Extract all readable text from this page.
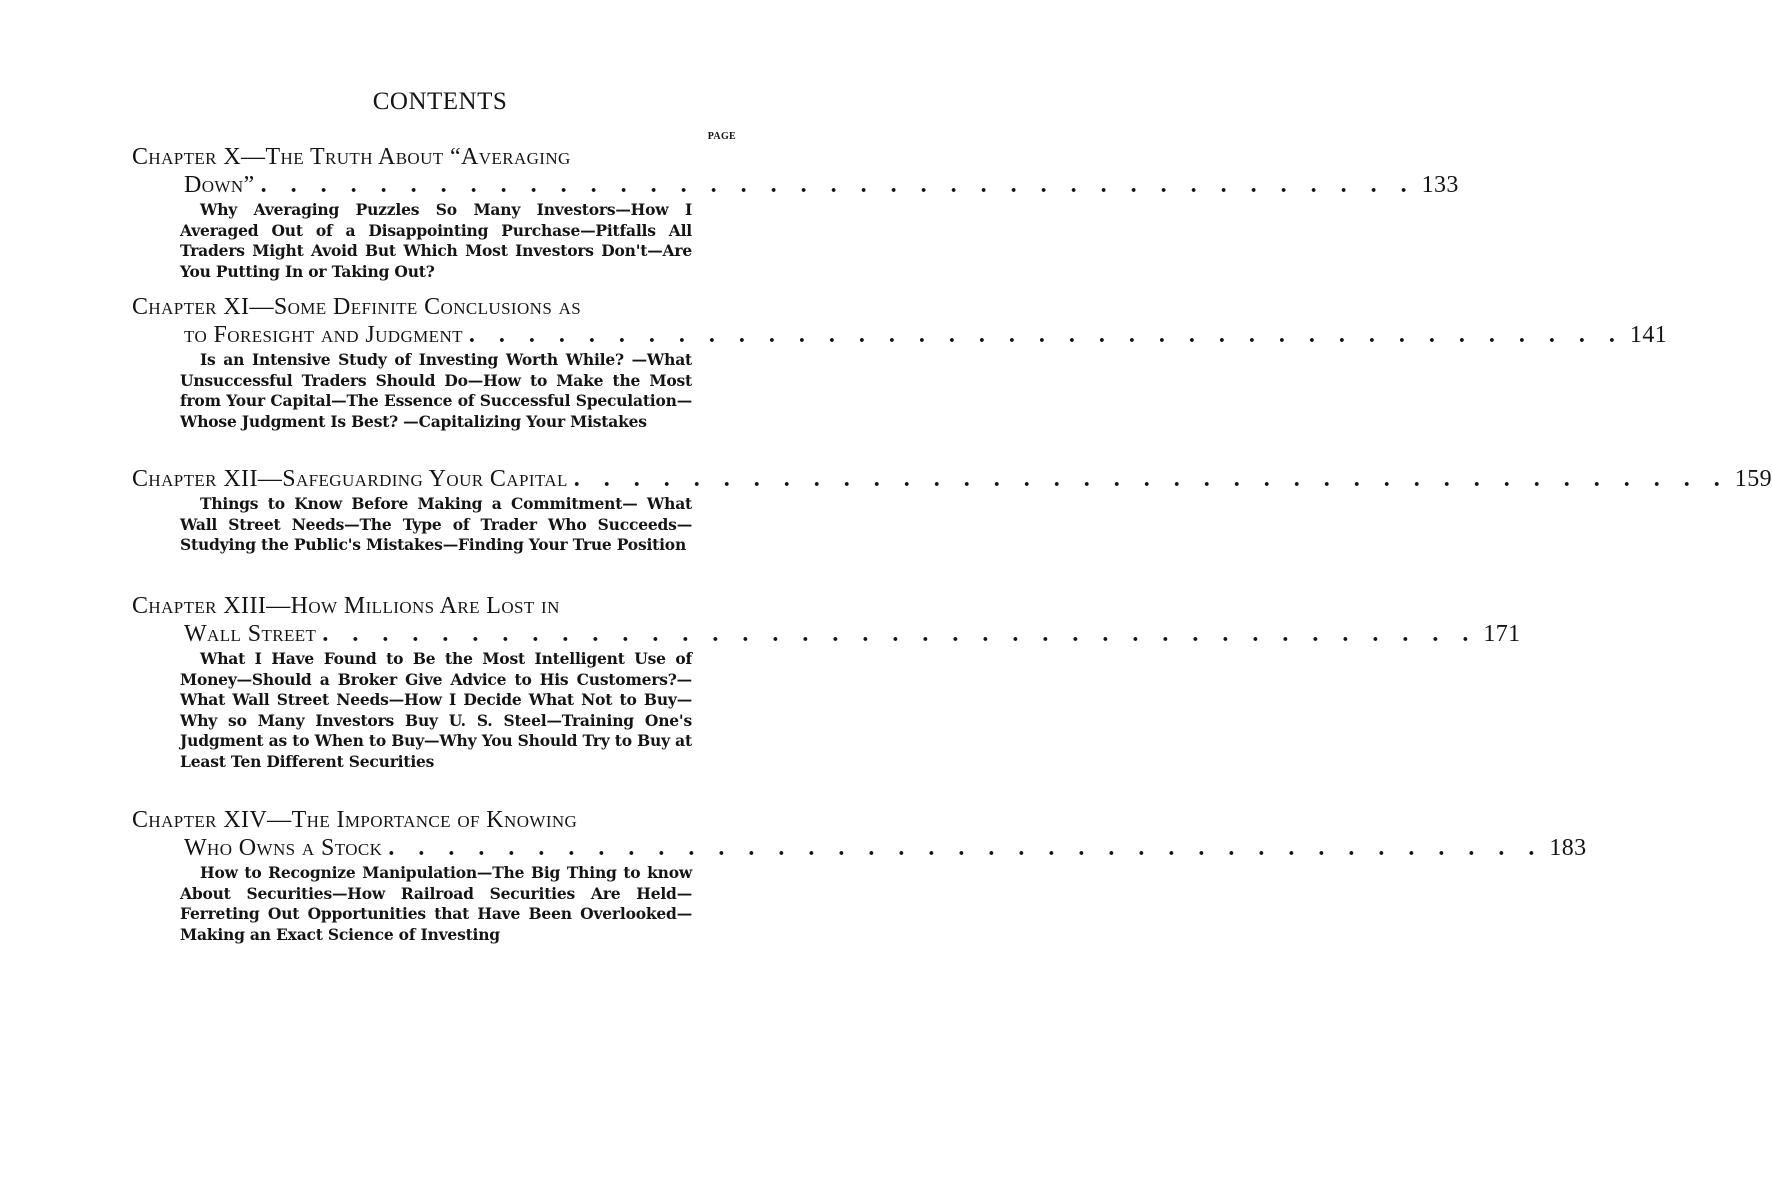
CONTENTS
PAGE
Chapter X—The Truth About “Averaging
Down” . . . . . . . . . . . . . . . . . . . . . . . . . . . . . . . . . . . . . . . 133
Why Averaging Puzzles So Many Investors—How I Averaged Out of a Disappointing Purchase—Pitfalls All Traders Might Avoid But Which Most Investors Don't—Are You Putting In or Taking Out?
Chapter XI—Some Definite Conclusions as
to Foresight and Judgment . . . . . . . . . . . . . . . . . . . . . . . . . . . . . . . . . . . . . . . 141
Is an Intensive Study of Investing Worth While? —What Unsuccessful Traders Should Do—How to Make the Most from Your Capital—The Essence of Successful Speculation—Whose Judgment Is Best? —Capitalizing Your Mistakes
Chapter XII—Safeguarding Your Capital . . . . . . . . . . . . . . . . . . . . . . . . . . . . . . . . . . . . . . . 159
Things to Know Before Making a Commitment— What Wall Street Needs—The Type of Trader Who Succeeds—Studying the Public's Mistakes—Finding Your True Position
Chapter XIII—How Millions Are Lost in
Wall Street . . . . . . . . . . . . . . . . . . . . . . . . . . . . . . . . . . . . . . . 171
What I Have Found to Be the Most Intelligent Use of Money—Should a Broker Give Advice to His Customers?—What Wall Street Needs—How I Decide What Not to Buy—Why so Many Investors Buy U. S. Steel—Training One's Judgment as to When to Buy—Why You Should Try to Buy at Least Ten Different Securities
Chapter XIV—The Importance of Knowing
Who Owns a Stock . . . . . . . . . . . . . . . . . . . . . . . . . . . . . . . . . . . . . . . 183
How to Recognize Manipulation—The Big Thing to know About Securities—How Railroad Securities Are Held—Ferreting Out Opportunities that Have Been Overlooked—Making an Exact Science of Investing
